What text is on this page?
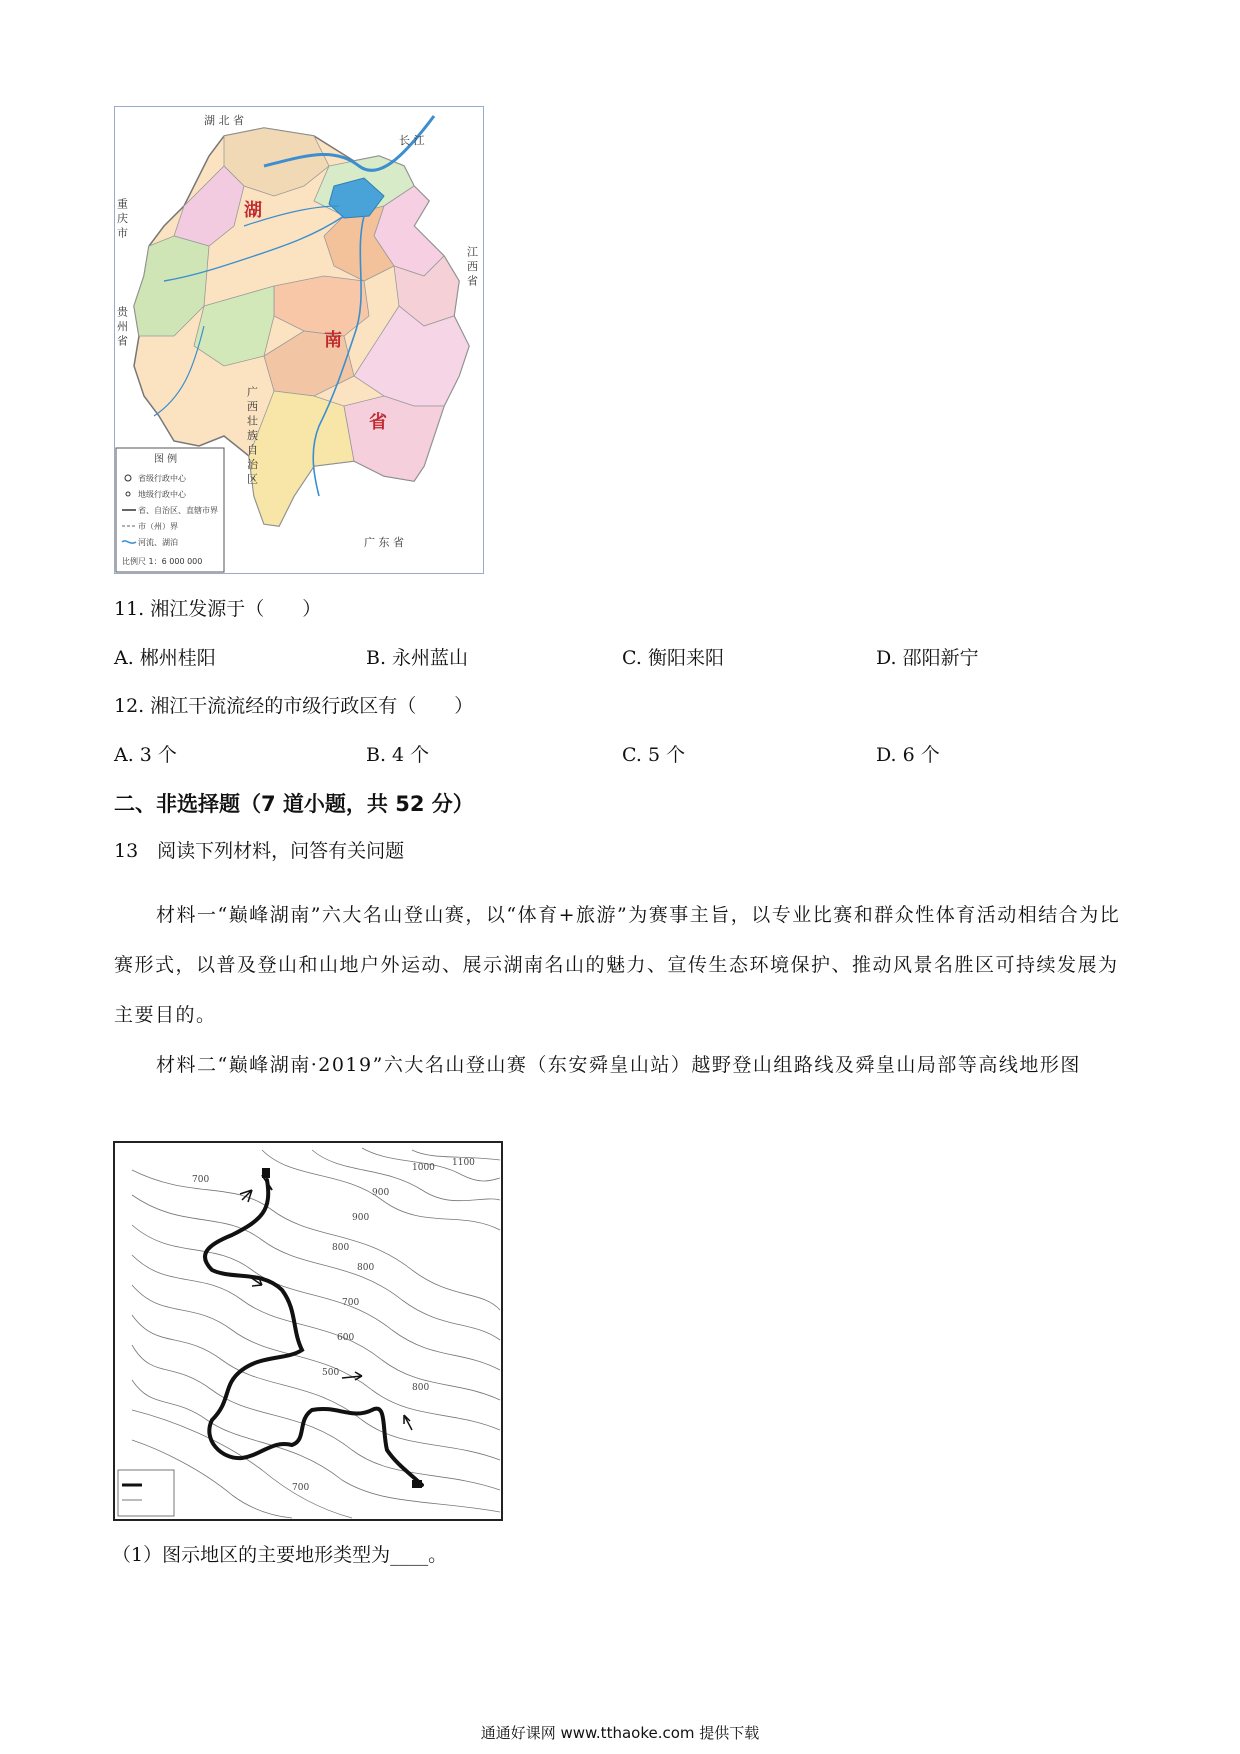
湖 北 省
长 江
重 庆 市
贵 州 省
江 西 省
广 西 壮 族 自 治 区
广 东 省
湖
南
省
图 例
省级行政中心
地级行政中心
省、自治区、直辖市界
市（州）界
河流、湖泊
比例尺 1：6 000 000
11. 湘江发源于（　　）
A. 郴州桂阳	B. 永州蓝山	C. 衡阳来阳	D. 邵阳新宁
12. 湘江干流流经的市级行政区有（　　）
A. 3 个	B. 4 个	C. 5 个	D. 6 个
二、非选择题（7 道小题，共 52 分）
13　阅读下列材料，问答有关问题
材料一“巅峰湖南”六大名山登山赛，以“体育+旅游”为赛事主旨，以专业比赛和群众性体育活动相结合为比赛形式，以普及登山和山地户外运动、展示湖南名山的魅力、宣传生态环境保护、推动风景名胜区可持续发展为主要目的。
材料二“巅峰湖南·2019”六大名山登山赛（东安舜皇山站）越野登山组路线及舜皇山局部等高线地形图
700
800
900
1000 1100
900
800
700
600
500
800
700
（1）图示地区的主要地形类型为____。
通通好课网 www.tthaoke.com 提供下载
